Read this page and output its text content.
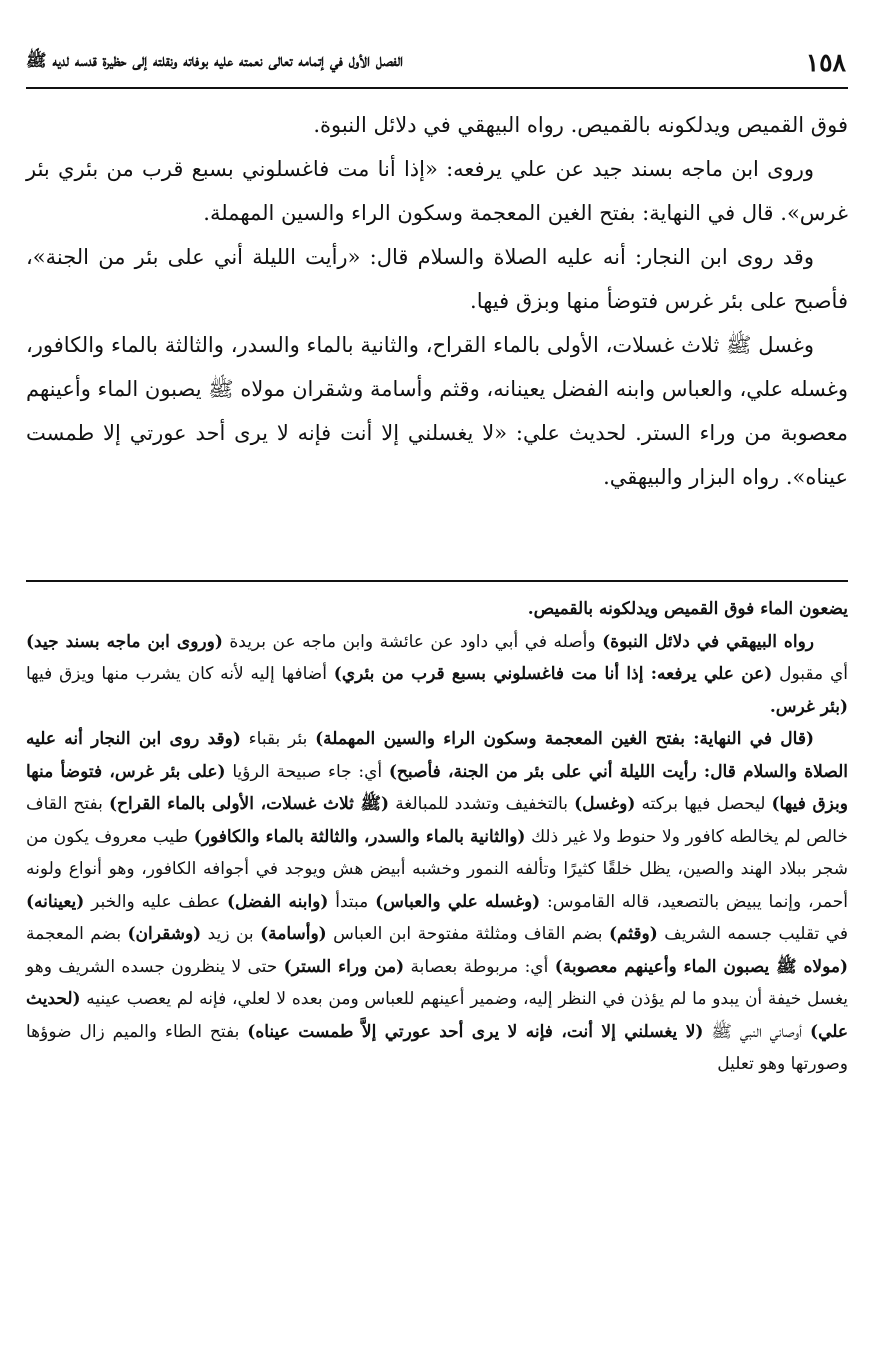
١٥٨
الفصل الأول في إتمامه تعالى نعمته عليه بوفاته ونقلته إلى حظيرة قدسه لديه ﷺ

فوق القميص ويدلكونه بالقميص. رواه البيهقي في دلائل النبوة.

وروى ابن ماجه بسند جيد عن علي يرفعه: «إذا أنا مت فاغسلوني بسبع قرب من بئري بئر غرس». قال في النهاية: بفتح الغين المعجمة وسكون الراء والسين المهملة.

وقد روى ابن النجار: أنه عليه الصلاة والسلام قال: «رأيت الليلة أني على بئر من الجنة»، فأصبح على بئر غرس فتوضأ منها وبزق فيها.

وغسل ﷺ ثلاث غسلات، الأولى بالماء القراح، والثانية بالماء والسدر، والثالثة بالماء والكافور، وغسله علي، والعباس وابنه الفضل يعينانه، وقثم وأسامة وشقران مولاه ﷺ يصبون الماء وأعينهم معصوبة من وراء الستر. لحديث علي: «لا يغسلني إلا أنت فإنه لا يرى أحد عورتي إلا طمست عيناه». رواه البزار والبيهقي.

يضعون الماء فوق القميص ويدلكونه بالقميص.

رواه البيهقي في دلائل النبوة) وأصله في أبي داود عن عائشة وابن ماجه عن بريدة (وروى ابن ماجه بسند جيد) أي مقبول (عن علي يرفعه: إذا أنا مت فاغسلوني بسبع قرب من بئري) أضافها إليه لأنه كان يشرب منها ويزق فيها (بئر غرس.

(قال في النهاية: بفتح الغين المعجمة وسكون الراء والسين المهملة) بئر بقباء (وقد روى ابن النجار أنه عليه الصلاة والسلام قال: رأيت الليلة أني على بئر من الجنة، فأصبح) أي: جاء صبيحة الرؤيا (على بئر غرس، فتوضأ منها وبزق فيها) ليحصل فيها بركته (وغسل) بالتخفيف وتشدد للمبالغة (ﷺ ثلاث غسلات، الأولى بالماء القراح) بفتح القاف خالص لم يخالطه كافور ولا حنوط ولا غير ذلك (والثانية بالماء والسدر، والثالثة بالماء والكافور) طيب معروف يكون من شجر ببلاد الهند والصين، يظل خلقًا كثيرًا وتألفه النمور وخشبه أبيض هش ويوجد في أجوافه الكافور، وهو أنواع ولونه أحمر، وإنما يبيض بالتصعيد، قاله القاموس: (وغسله علي والعباس) مبتدأ (وابنه الفضل) عطف عليه والخبر (يعينانه) في تقليب جسمه الشريف (وقثم) بضم القاف ومثلثة مفتوحة ابن العباس (وأسامة) بن زيد (وشقران) بضم المعجمة (مولاه ﷺ يصبون الماء وأعينهم معصوبة) أي: مربوطة بعصابة (من وراء الستر) حتى لا ينظرون جسده الشريف وهو يغسل خيفة أن يبدو ما لم يؤذن في النظر إليه، وضمير أعينهم للعباس ومن بعده لا لعلي، فإنه لم يعصب عينيه (لحديث علي) أوصاني النبي ﷺ (لا يغسلني إلا أنت، فإنه لا يرى أحد عورتي إلاَّ طمست عيناه) بفتح الطاء والميم زال ضوؤها وصورتها وهو تعليل
